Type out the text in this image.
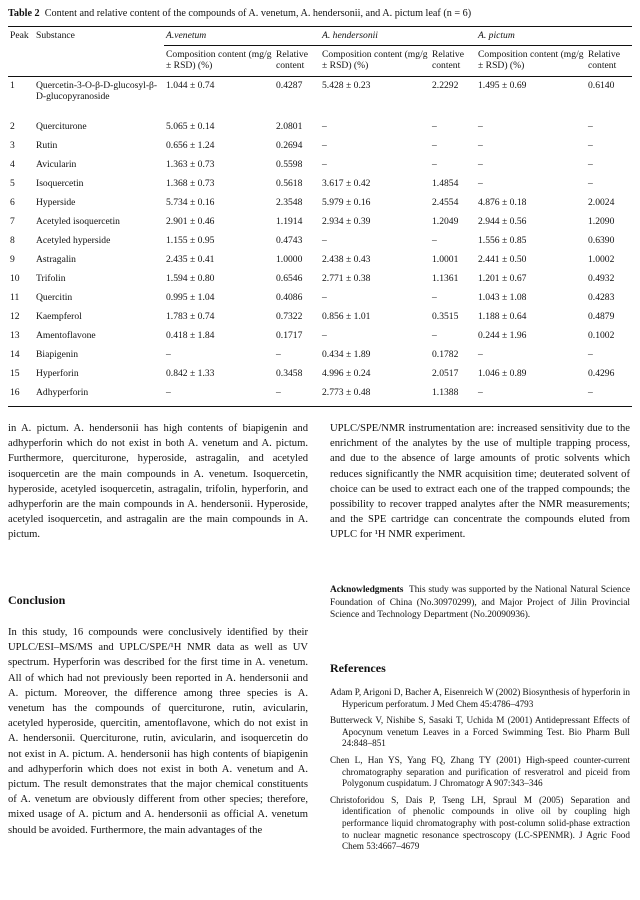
Table 2 Content and relative content of the compounds of A. venetum, A. hendersonii, and A. pictum leaf (n = 6)
Peak	Substance	A.venetum		A. hendersonii		A. pictum	
		Composition content (mg/g ± RSD) (%)	Relative content	Composition content (mg/g ± RSD) (%)	Relative content	Composition content (mg/g ± RSD) (%)	Relative content
1	Quercetin-3-O-β-D-glucosyl-β-D-glucopyranoside	1.044 ± 0.74	0.4287	5.428 ± 0.23	2.2292	1.495 ± 0.69	0.6140
2	Querciturone	5.065 ± 0.14	2.0801	–	–	–	–
3	Rutin	0.656 ± 1.24	0.2694	–	–	–	–
4	Avicularin	1.363 ± 0.73	0.5598	–	–	–	–
5	Isoquercetin	1.368 ± 0.73	0.5618	3.617 ± 0.42	1.4854	–	–
6	Hyperside	5.734 ± 0.16	2.3548	5.979 ± 0.16	2.4554	4.876 ± 0.18	2.0024
7	Acetyled isoquercetin	2.901 ± 0.46	1.1914	2.934 ± 0.39	1.2049	2.944 ± 0.56	1.2090
8	Acetyled hyperside	1.155 ± 0.95	0.4743	–	–	1.556 ± 0.85	0.6390
9	Astragalin	2.435 ± 0.41	1.0000	2.438 ± 0.43	1.0001	2.441 ± 0.50	1.0002
10	Trifolin	1.594 ± 0.80	0.6546	2.771 ± 0.38	1.1361	1.201 ± 0.67	0.4932
11	Quercitin	0.995 ± 1.04	0.4086	–	–	1.043 ± 1.08	0.4283
12	Kaempferol	1.783 ± 0.74	0.7322	0.856 ± 1.01	0.3515	1.188 ± 0.64	0.4879
13	Amentoflavone	0.418 ± 1.84	0.1717	–	–	0.244 ± 1.96	0.1002
14	Biapigenin	–	–	0.434 ± 1.89	0.1782	–	–
15	Hyperforin	0.842 ± 1.33	0.3458	4.996 ± 0.24	2.0517	1.046 ± 0.89	0.4296
16	Adhyperforin	–	–	2.773 ± 0.48	1.1388	–	–

in A. pictum. A. hendersonii has high contents of biapigenin and adhyperforin which do not exist in both A. venetum and A. pictum. Furthermore, querciturone, hyperoside, astragalin, and acetyled isoquercetin are the main compounds in A. venetum. Isoquercetin, hyperoside, acetyled isoquercetin, astragalin, trifolin, hyperforin, and adhyperforin are the main compounds in A. hendersonii. Hyperoside, acetyled isoquercetin, and astragalin are the main compounds in A. pictum.

Conclusion

In this study, 16 compounds were conclusively identified by their UPLC/ESI–MS/MS and UPLC/SPE/¹H NMR data as well as UV spectrum. Hyperforin was described for the first time in A. venetum. All of which had not previously been reported in A. hendersonii and A. pictum. Moreover, the difference among three species is A. venetum has the compounds of querciturone, rutin, avicularin, acetyled hyperoside, quercitin, amentoflavone, which do not exist in A. hendersonii. Querciturone, rutin, avicularin, and isoquercetin do not exist in A. pictum. A. hendersonii has high contents of biapigenin and adhyperforin which does not exist in both A. venetum and A. pictum. The result demonstrates that the major chemical constituents of A. venetum are obviously different from other species; therefore, mixed usage of A. pictum and A. hendersonii as official A. venetum should be avoided. Furthermore, the main advantages of the

UPLC/SPE/NMR instrumentation are: increased sensitivity due to the enrichment of the analytes by the use of multiple trapping process, and due to the absence of large amounts of protic solvents which reduces significantly the NMR acquisition time; deuterated solvent of choice can be used to extract each one of the trapped compounds; the possibility to recover trapped analytes after the NMR measurements; and the SPE cartridge can concentrate the compounds eluted from UPLC for ¹H NMR experiment.

Acknowledgments This study was supported by the National Natural Science Foundation of China (No.30970299), and Major Project of Jilin Provincial Science and Technology Department (No.20090936).
References
Adam P, Arigoni D, Bacher A, Eisenreich W (2002) Biosynthesis of hyperforin in Hypericum perforatum. J Med Chem 45:4786–4793
Butterweck V, Nishibe S, Sasaki T, Uchida M (2001) Antidepressant Effects of Apocynum venetum Leaves in a Forced Swimming Test. Bio Pharm Bull 24:848–851
Chen L, Han YS, Yang FQ, Zhang TY (2001) High-speed counter-current chromatography separation and purification of resveratrol and piceid from Polygonum cuspidatum. J Chromatogr A 907:343–346
Christoforidou S, Dais P, Tseng LH, Spraul M (2005) Separation and identification of phenolic compounds in olive oil by coupling high performance liquid chromatography with post-column solid-phase extraction to nuclear magnetic resonance spectroscopy (LC-SPENMR). J Agric Food Chem 53:4667–4679
